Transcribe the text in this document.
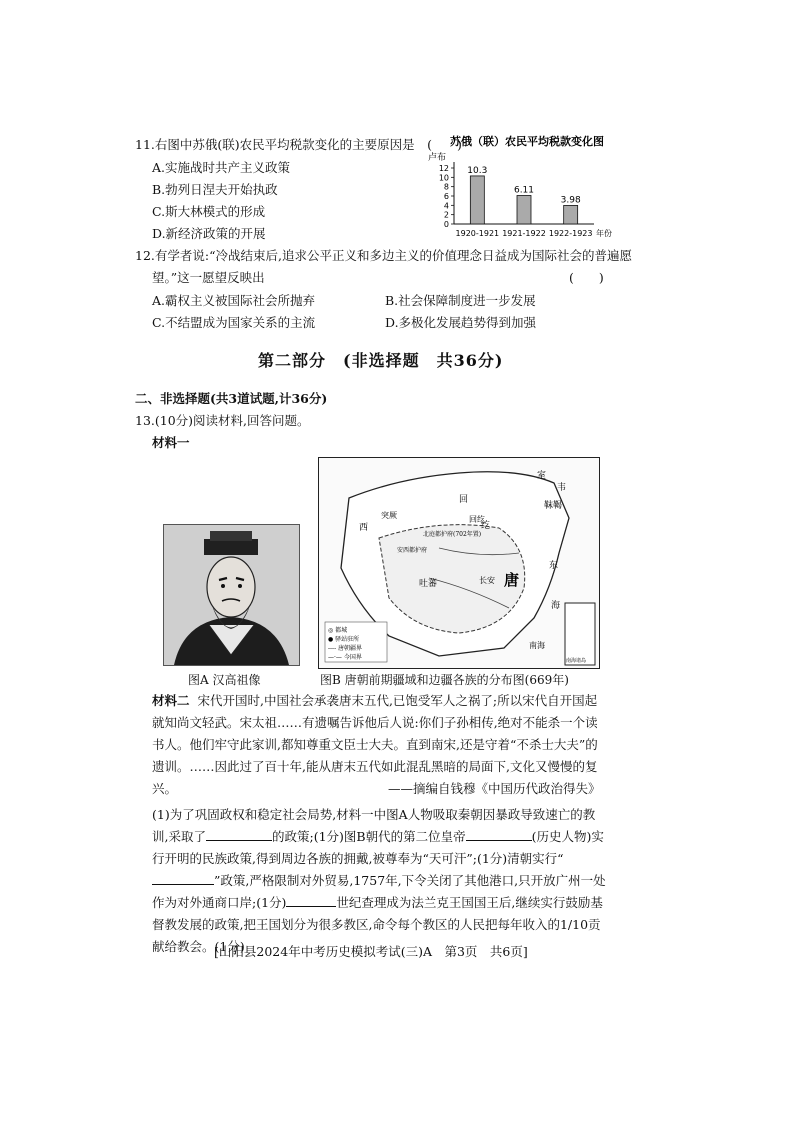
11.右图中苏俄(联)农民平均税款变化的主要原因是　(　　)
A.实施战时共产主义政策
B.勃列日涅夫开始执政
C.斯大林模式的形成
D.新经济政策的开展
苏俄（联）农民平均税款变化图
卢布
0
2
4
6
8
10
12 10.3
1920-1921
6.11
1921-1922
3.98
1922-1923 年份
12.有学者说:“冷战结束后,追求公平正义和多边主义的价值理念日益成为国际社会的普遍愿
望。”这一愿望反映出	(　　)
A.霸权主义被国际社会所抛弃	B.社会保障制度进一步发展
C.不结盟成为国家关系的主流	D.多极化发展趋势得到加强
第二部分　(非选择题　共36分)
二、非选择题(共3道试题,计36分)
13.(10分)阅读材料,回答问题。
材料一
图A 汉高祖像
室
韦
靺鞨
回
纥
西
突厥	回纥
北庭都护府(702年置)
安西都护府
吐蕃	长安 唐
东
海
南海
南海诸岛
◎ 都城
● 驿站驻所
---- 唐朝疆界
—·— 今国界
图B 唐朝前期疆域和边疆各族的分布图(669年)
材料二 宋代开国时,中国社会承袭唐末五代,已饱受军人之祸了;所以宋代自开国起就知尚文轻武。宋太祖……有遗嘱告诉他后人说:你们子孙相传,绝对不能杀一个读书人。他们牢守此家训,都知尊重文臣士大夫。直到南宋,还是守着“不杀士大夫”的遗训。……因此过了百十年,能从唐末五代如此混乱黑暗的局面下,文化又慢慢的复兴。	——摘编自钱穆《中国历代政治得失》
(1)为了巩固政权和稳定社会局势,材料一中图A人物吸取秦朝因暴政导致速亡的教训,采取了	的政策;(1分)图B朝代的第二位皇帝	(历史人物)实行开明的民族政策,得到周边各族的拥戴,被尊奉为“天可汗”;(1分)清朝实行“”政策,严格限制对外贸易,1757年,下令关闭了其他港口,只开放广州一处作为对外通商口岸;(1分)	世纪查理成为法兰克王国国王后,继续实行鼓励基督教发展的政策,把王国划分为很多教区,命令每个教区的人民把每年收入的1/10贡献给教会。(1分)
[山阳县2024年中考历史模拟考试(三)A　第3页　共6页]
